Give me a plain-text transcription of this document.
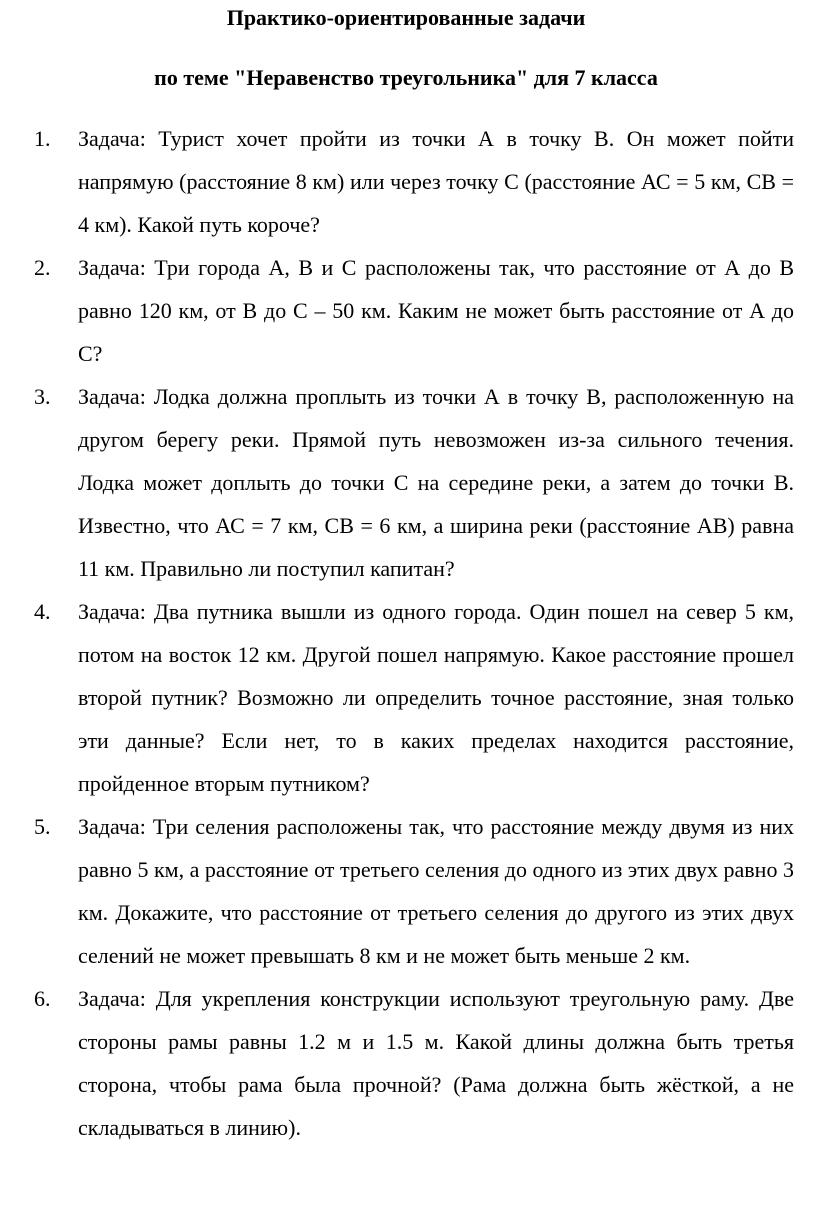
Практико-ориентированные задачи
по теме "Неравенство треугольника" для 7 класса
1.	Задача: Турист хочет пройти из точки А в точку В. Он может пойти напрямую (расстояние 8 км) или через точку С (расстояние АС = 5 км, СВ = 4 км). Какой путь короче?

2.	Задача: Три города А, В и С расположены так, что расстояние от А до В равно 120 км, от В до С – 50 км. Каким не может быть расстояние от А до С?

3.	Задача: Лодка должна проплыть из точки А в точку В, расположенную на другом берегу реки. Прямой путь невозможен из-за сильного течения. Лодка может доплыть до точки С на середине реки, а затем до точки В. Известно, что АС = 7 км, СВ = 6 км, а ширина реки (расстояние АВ) равна 11 км. Правильно ли поступил капитан?

4.	Задача: Два путника вышли из одного города. Один пошел на север 5 км, потом на восток 12 км. Другой пошел напрямую. Какое расстояние прошел второй путник? Возможно ли определить точное расстояние, зная только эти данные? Если нет, то в каких пределах находится расстояние, пройденное вторым путником?

5.	Задача: Три селения расположены так, что расстояние между двумя из них равно 5 км, а расстояние от третьего селения до одного из этих двух равно 3 км. Докажите, что расстояние от третьего селения до другого из этих двух селений не может превышать 8 км и не может быть меньше 2 км.

6.	Задача: Для укрепления конструкции используют треугольную раму. Две стороны рамы равны 1.2 м и 1.5 м. Какой длины должна быть третья сторона, чтобы рама была прочной? (Рама должна быть жёсткой, а не складываться в линию).
